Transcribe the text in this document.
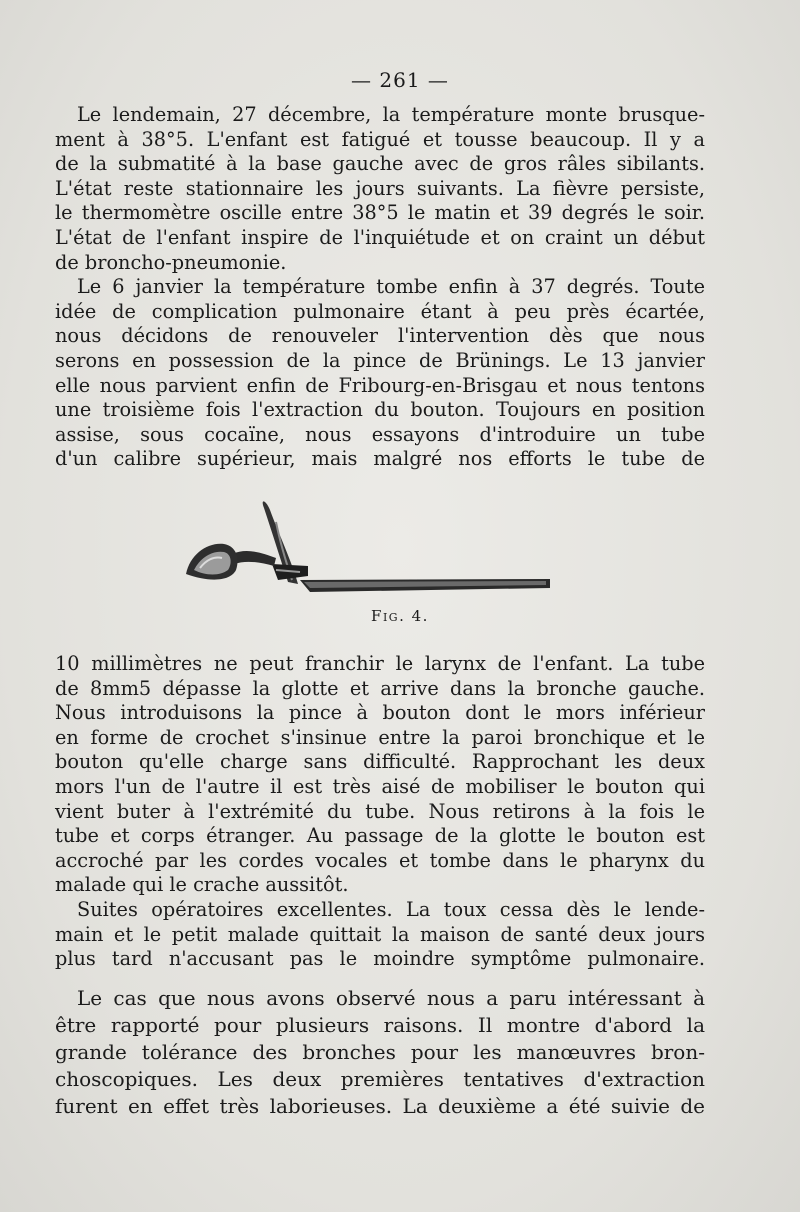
— 261 —
Le lendemain, 27 décembre, la température monte brusque-
ment à 38°5. L'enfant est fatigué et tousse beaucoup. Il y a
de la submatité à la base gauche avec de gros râles sibilants.
L'état reste stationnaire les jours suivants. La fièvre persiste,
le thermomètre oscille entre 38°5 le matin et 39 degrés le soir.
L'état de l'enfant inspire de l'inquiétude et on craint un début
de broncho-pneumonie.
Le 6 janvier la température tombe enfin à 37 degrés. Toute
idée de complication pulmonaire étant à peu près écartée,
nous décidons de renouveler l'intervention dès que nous
serons en possession de la pince de Brünings. Le 13 janvier
elle nous parvient enfin de Fribourg-en-Brisgau et nous tentons
une troisième fois l'extraction du bouton. Toujours en position
assise, sous cocaïne, nous essayons d'introduire un tube
d'un calibre supérieur, mais malgré nos efforts le tube de
Fig. 4.
10 millimètres ne peut franchir le larynx de l'enfant. La tube
de 8mm5 dépasse la glotte et arrive dans la bronche gauche.
Nous introduisons la pince à bouton dont le mors inférieur
en forme de crochet s'insinue entre la paroi bronchique et le
bouton qu'elle charge sans difficulté. Rapprochant les deux
mors l'un de l'autre il est très aisé de mobiliser le bouton qui
vient buter à l'extrémité du tube. Nous retirons à la fois le
tube et corps étranger. Au passage de la glotte le bouton est
accroché par les cordes vocales et tombe dans le pharynx du
malade qui le crache aussitôt.
Suites opératoires excellentes. La toux cessa dès le lende-
main et le petit malade quittait la maison de santé deux jours
plus tard n'accusant pas le moindre symptôme pulmonaire.
Le cas que nous avons observé nous a paru intéressant à
être rapporté pour plusieurs raisons. Il montre d'abord la
grande tolérance des bronches pour les manœuvres bron-
choscopiques. Les deux premières tentatives d'extraction
furent en effet très laborieuses. La deuxième a été suivie de
